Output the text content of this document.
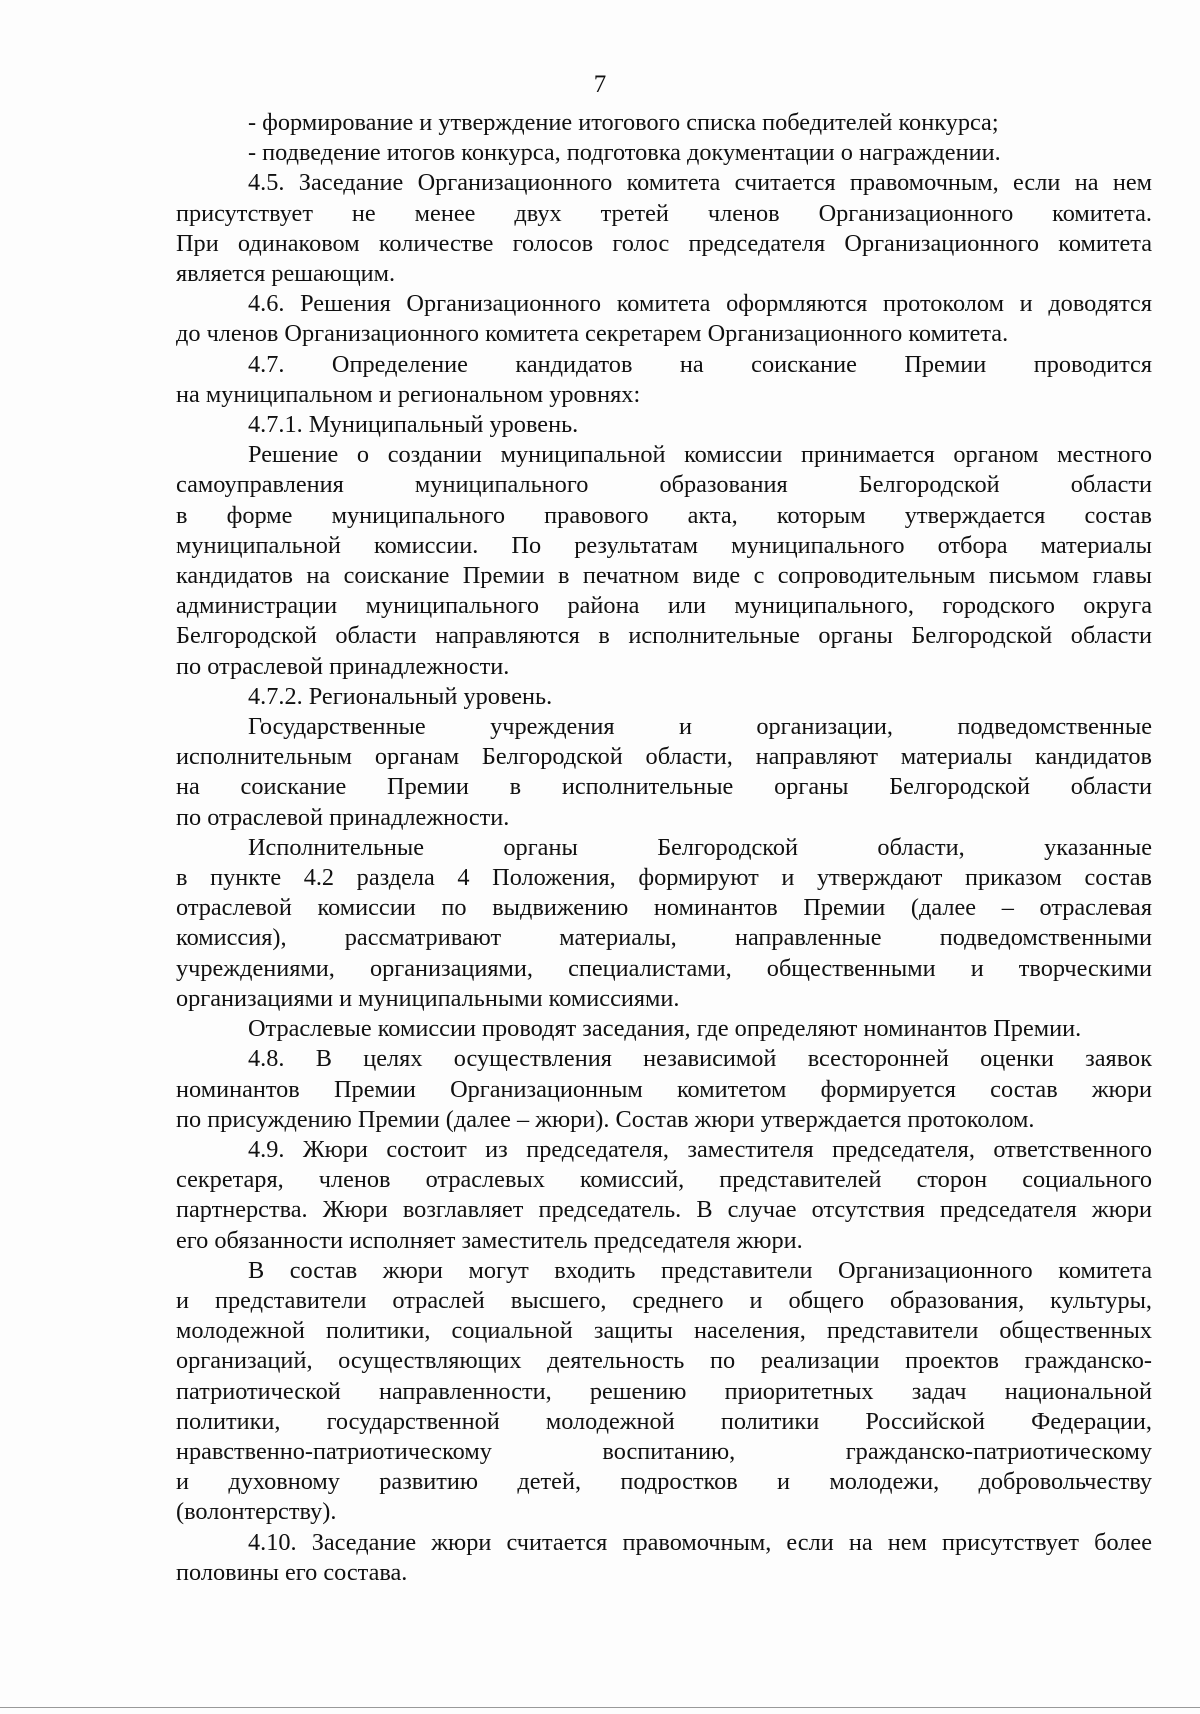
7

- формирование и утверждение итогового списка победителей конкурса;

- подведение итогов конкурса, подготовка документации о награждении.

4.5. Заседание Организационного комитета считается правомочным, если на нем
присутствует не менее двух третей членов Организационного комитета.
При одинаковом количестве голосов голос председателя Организационного комитета
является решающим.

4.6. Решения Организационного комитета оформляются протоколом и доводятся
до членов Организационного комитета секретарем Организационного комитета.

4.7. Определение кандидатов на соискание Премии проводится
на муниципальном и региональном уровнях:

4.7.1. Муниципальный уровень.

Решение о создании муниципальной комиссии принимается органом местного
самоуправления муниципального образования Белгородской области
в форме муниципального правового акта, которым утверждается состав
муниципальной комиссии. По результатам муниципального отбора материалы
кандидатов на соискание Премии в печатном виде с сопроводительным письмом главы
администрации муниципального района или муниципального, городского округа
Белгородской области направляются в исполнительные органы Белгородской области
по отраслевой принадлежности.

4.7.2. Региональный уровень.

Государственные учреждения и организации, подведомственные
исполнительным органам Белгородской области, направляют материалы кандидатов
на соискание Премии в исполнительные органы Белгородской области
по отраслевой принадлежности.

Исполнительные органы Белгородской области, указанные
в пункте 4.2 раздела 4 Положения, формируют и утверждают приказом состав
отраслевой комиссии по выдвижению номинантов Премии (далее – отраслевая
комиссия), рассматривают материалы, направленные подведомственными
учреждениями, организациями, специалистами, общественными и творческими
организациями и муниципальными комиссиями.

Отраслевые комиссии проводят заседания, где определяют номинантов Премии.

4.8. В целях осуществления независимой всесторонней оценки заявок
номинантов Премии Организационным комитетом формируется состав жюри
по присуждению Премии (далее – жюри). Состав жюри утверждается протоколом.

4.9. Жюри состоит из председателя, заместителя председателя, ответственного
секретаря, членов отраслевых комиссий, представителей сторон социального
партнерства. Жюри возглавляет председатель. В случае отсутствия председателя жюри
его обязанности исполняет заместитель председателя жюри.

В состав жюри могут входить представители Организационного комитета
и представители отраслей высшего, среднего и общего образования, культуры,
молодежной политики, социальной защиты населения, представители общественных
организаций, осуществляющих деятельность по реализации проектов гражданско-
патриотической направленности, решению приоритетных задач национальной
политики, государственной молодежной политики Российской Федерации,
нравственно-патриотическому воспитанию, гражданско-патриотическому
и духовному развитию детей, подростков и молодежи, добровольчеству
(волонтерству).

4.10. Заседание жюри считается правомочным, если на нем присутствует более
половины его состава.
